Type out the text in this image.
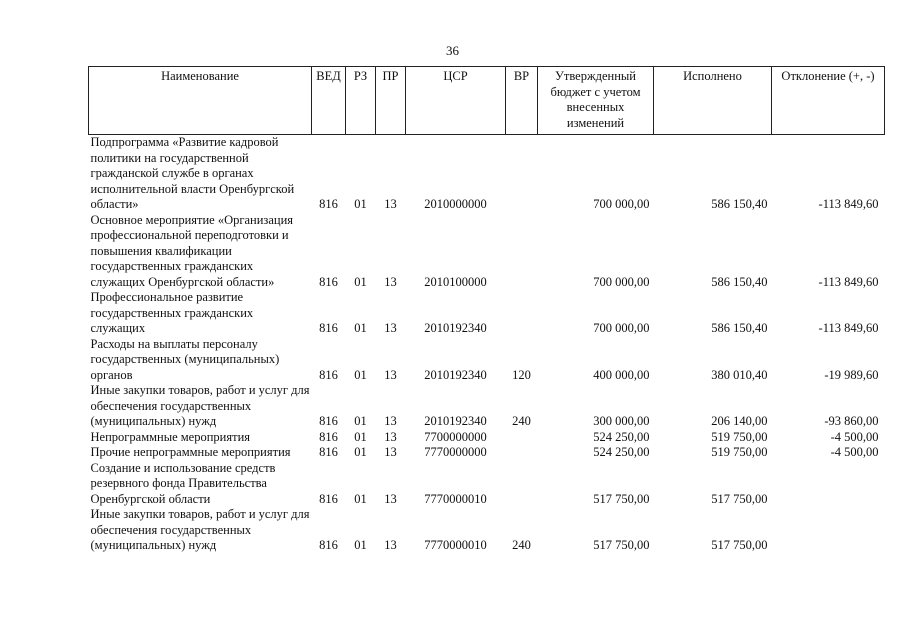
36
Наименование	ВЕД	РЗ	ПР	ЦСР	ВР	Утвержденный бюджет с учетом внесенных изменений	Исполнено	Отклонение (+, -)
Подпрограмма «Развитие кадровой политики на государственной гражданской службе в органах исполнительной власти Оренбургской области»	816	01	13	2010000000		700 000,00	586 150,40	-113 849,60
Основное мероприятие «Организация профессиональной переподготовки и повышения квалификации государственных гражданских служащих Оренбургской области»	816	01	13	2010100000		700 000,00	586 150,40	-113 849,60
Профессиональное развитие государственных гражданских служащих	816	01	13	2010192340		700 000,00	586 150,40	-113 849,60
Расходы на выплаты персоналу государственных (муниципальных) органов	816	01	13	2010192340	120	400 000,00	380 010,40	-19 989,60
Иные закупки товаров, работ и услуг для обеспечения государственных (муниципальных) нужд	816	01	13	2010192340	240	300 000,00	206 140,00	-93 860,00
Непрограммные мероприятия	816	01	13	7700000000		524 250,00	519 750,00	-4 500,00
Прочие непрограммные мероприятия	816	01	13	7770000000		524 250,00	519 750,00	-4 500,00
Создание и использование средств резервного фонда Правительства Оренбургской области	816	01	13	7770000010		517 750,00	517 750,00	
Иные закупки товаров, работ и услуг для обеспечения государственных (муниципальных) нужд	816	01	13	7770000010	240	517 750,00	517 750,00	
